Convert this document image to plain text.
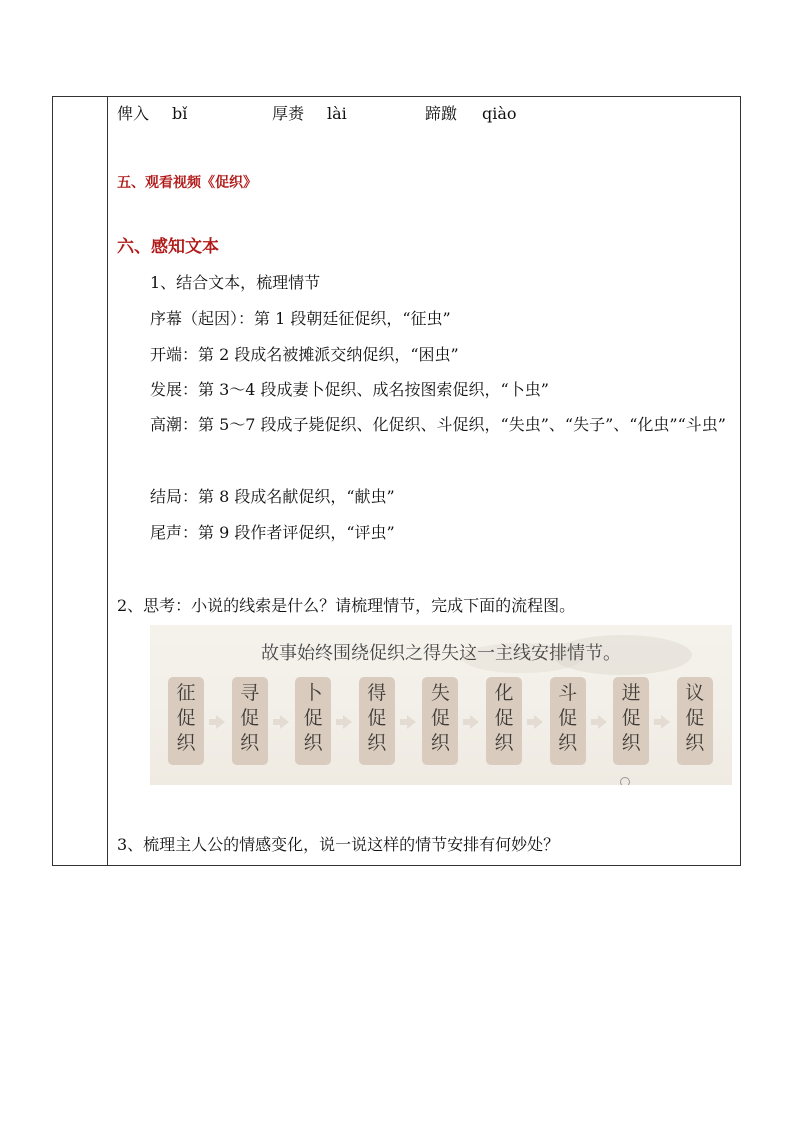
俾入 bǐ	厚赉 lài	蹄躈 qiào
五、观看视频《促织》
六、感知文本
1、结合文本，梳理情节
序幕（起因）：第 1 段朝廷征促织，“征虫”
开端：第 2 段成名被摊派交纳促织，“困虫”
发展：第 3～4 段成妻卜促织、成名按图索促织，“卜虫”
高潮：第 5～7 段成子毙促织、化促织、斗促织，“失虫”、“失子”、“化虫”“斗虫”
结局：第 8 段成名献促织，“献虫”
尾声：第 9 段作者评促织，“评虫”
2、思考：小说的线索是什么？请梳理情节，完成下面的流程图。
故事始终围绕促织之得失这一主线安排情节。
征
促
织
寻
促
织
卜
促
织
得
促
织
失
促
织
化
促
织
斗
促
织
进
促
织
议
促
织
3、梳理主人公的情感变化，说一说这样的情节安排有何妙处？
